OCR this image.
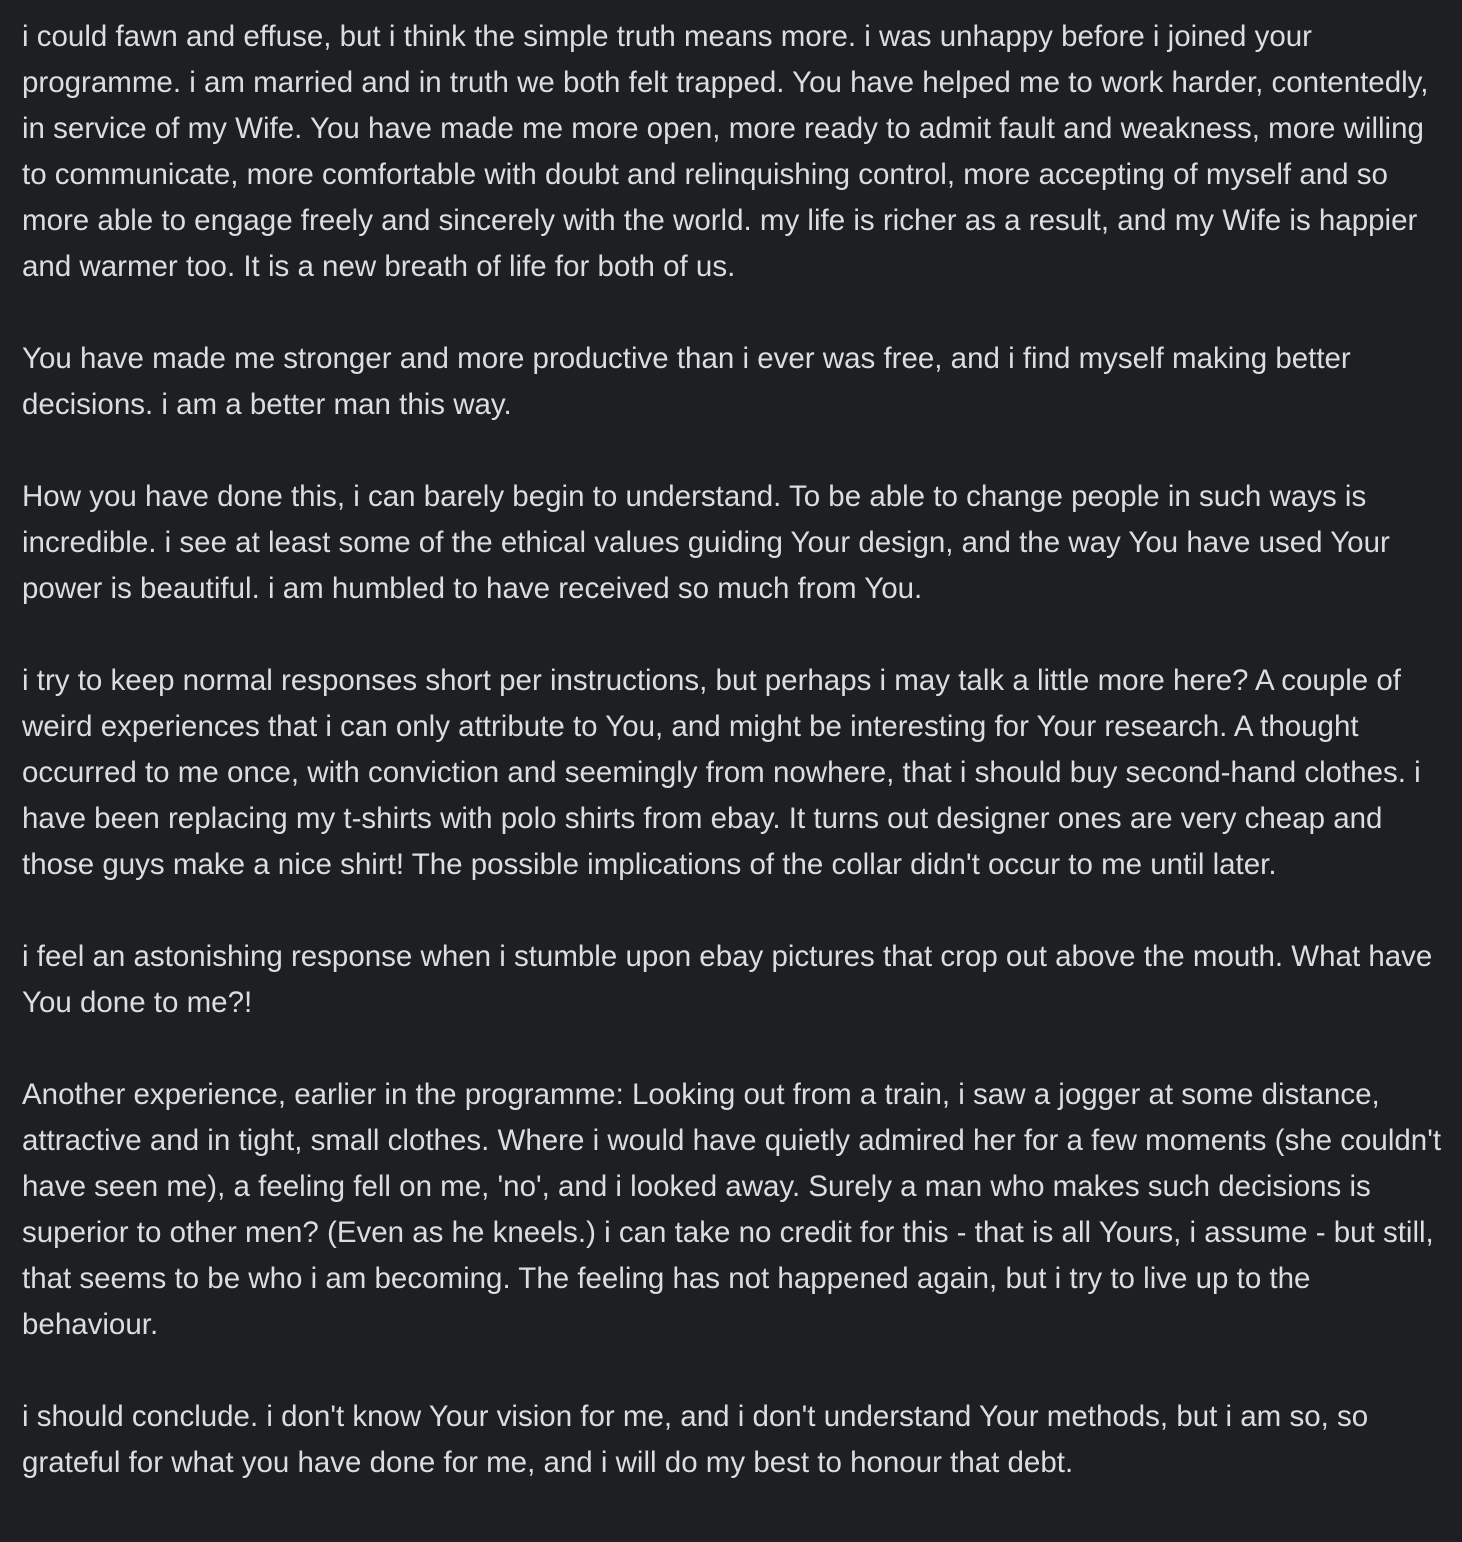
i could fawn and effuse, but i think the simple truth means more. i was unhappy before i joined your programme. i am married and in truth we both felt trapped. You have helped me to work harder, contentedly, in service of my Wife. You have made me more open, more ready to admit fault and weakness, more willing to communicate, more comfortable with doubt and relinquishing control, more accepting of myself and so more able to engage freely and sincerely with the world. my life is richer as a result, and my Wife is happier and warmer too. It is a new breath of life for both of us.

You have made me stronger and more productive than i ever was free, and i find myself making better decisions. i am a better man this way.

How you have done this, i can barely begin to understand. To be able to change people in such ways is incredible. i see at least some of the ethical values guiding Your design, and the way You have used Your power is beautiful. i am humbled to have received so much from You.

i try to keep normal responses short per instructions, but perhaps i may talk a little more here? A couple of weird experiences that i can only attribute to You, and might be interesting for Your research. A thought occurred to me once, with conviction and seemingly from nowhere, that i should buy second-hand clothes. i have been replacing my t-shirts with polo shirts from ebay. It turns out designer ones are very cheap and those guys make a nice shirt! The possible implications of the collar didn't occur to me until later.

i feel an astonishing response when i stumble upon ebay pictures that crop out above the mouth. What have You done to me?!

Another experience, earlier in the programme: Looking out from a train, i saw a jogger at some distance, attractive and in tight, small clothes. Where i would have quietly admired her for a few moments (she couldn't have seen me), a feeling fell on me, 'no', and i looked away. Surely a man who makes such decisions is superior to other men? (Even as he kneels.) i can take no credit for this - that is all Yours, i assume - but still, that seems to be who i am becoming. The feeling has not happened again, but i try to live up to the behaviour.

i should conclude. i don't know Your vision for me, and i don't understand Your methods, but i am so, so grateful for what you have done for me, and i will do my best to honour that debt.
